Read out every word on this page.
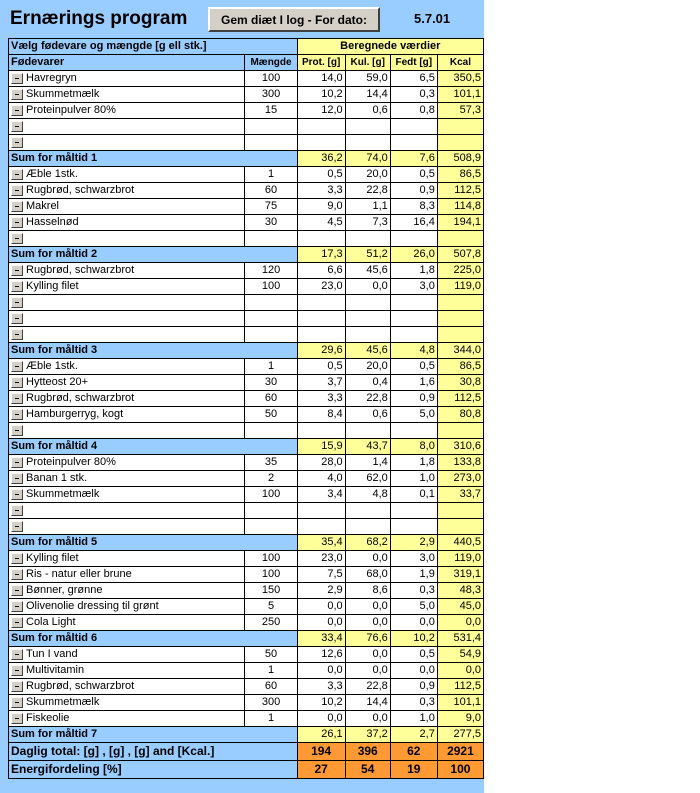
Ernærings program	Gem diæt I log - For dato:	5.7.01
Vælg fødevare og mængde [g ell stk.]		Beregnede værdier			
Fødevarer	Mængde	Prot. [g]	Kul. [g]	Fedt [g]	Kcal
Havregryn	100	14,0	59,0	6,5	350,5
Skummetmælk	300	10,2	14,4	0,3	101,1
Proteinpulver 80%	15	12,0	0,6	0,8	57,3

Sum for måltid 1		36,2	74,0	7,6	508,9
Æble 1stk.	1	0,5	20,0	0,5	86,5
Rugbrød, schwarzbrot	60	3,3	22,8	0,9	112,5
Makrel	75	9,0	1,1	8,3	114,8
Hasselnød	30	4,5	7,3	16,4	194,1

Sum for måltid 2		17,3	51,2	26,0	507,8
Rugbrød, schwarzbrot	120	6,6	45,6	1,8	225,0
Kylling filet	100	23,0	0,0	3,0	119,0

Sum for måltid 3		29,6	45,6	4,8	344,0
Æble 1stk.	1	0,5	20,0	0,5	86,5
Hytteost 20+	30	3,7	0,4	1,6	30,8
Rugbrød, schwarzbrot	60	3,3	22,8	0,9	112,5
Hamburgerryg, kogt	50	8,4	0,6	5,0	80,8

Sum for måltid 4		15,9	43,7	8,0	310,6
Proteinpulver 80%	35	28,0	1,4	1,8	133,8
Banan 1 stk.	2	4,0	62,0	1,0	273,0
Skummetmælk	100	3,4	4,8	0,1	33,7

Sum for måltid 5		35,4	68,2	2,9	440,5
Kylling filet	100	23,0	0,0	3,0	119,0
Ris - natur eller brune	100	7,5	68,0	1,9	319,1
Bønner, grønne	150	2,9	8,6	0,3	48,3
Olivenolie dressing til grønt	5	0,0	0,0	5,0	45,0
Cola Light	250	0,0	0,0	0,0	0,0
Sum for måltid 6		33,4	76,6	10,2	531,4
Tun I vand	50	12,6	0,0	0,5	54,9
Multivitamin	1	0,0	0,0	0,0	0,0
Rugbrød, schwarzbrot	60	3,3	22,8	0,9	112,5
Skummetmælk	300	10,2	14,4	0,3	101,1
Fiskeolie	1	0,0	0,0	1,0	9,0
Sum for måltid 7		26,1	37,2	2,7	277,5
Daglig total: [g] , [g] , [g] and [Kcal.]		194	396	62	2921
Energifordeling [%]		27	54	19	100
